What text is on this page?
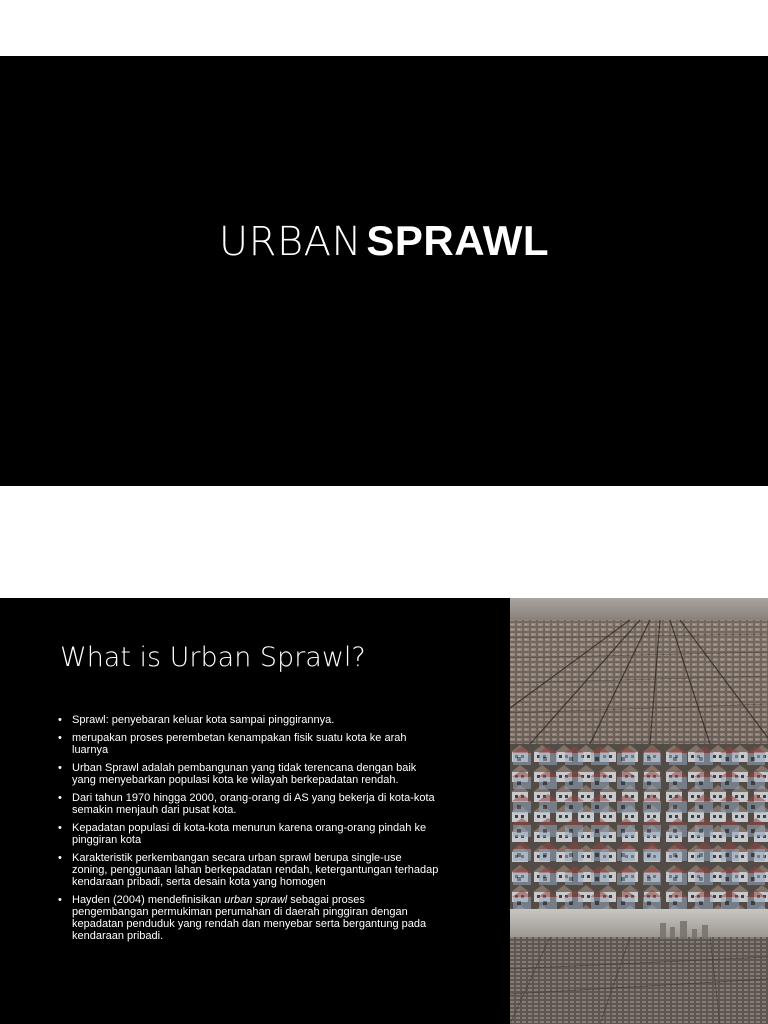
URBAN SPRAWL
What is Urban Sprawl?
• Sprawl: penyebaran keluar kota sampai pinggirannya.
• merupakan proses perembetan kenampakan fisik suatu kota ke arah luarnya
• Urban Sprawl adalah pembangunan yang tidak terencana dengan baik yang menyebarkan populasi kota ke wilayah berkepadatan rendah.
• Dari tahun 1970 hingga 2000, orang-orang di AS yang bekerja di kota-kota semakin menjauh dari pusat kota.
• Kepadatan populasi di kota-kota menurun karena orang-orang pindah ke pinggiran kota
• Karakteristik perkembangan secara urban sprawl berupa single-use zoning, penggunaan lahan berkepadatan rendah, ketergantungan terhadap kendaraan pribadi, serta desain kota yang homogen
• Hayden (2004) mendefinisikan urban sprawl sebagai proses pengembangan permukiman perumahan di daerah pinggiran dengan kepadatan penduduk yang rendah dan menyebar serta bergantung pada kendaraan pribadi.
